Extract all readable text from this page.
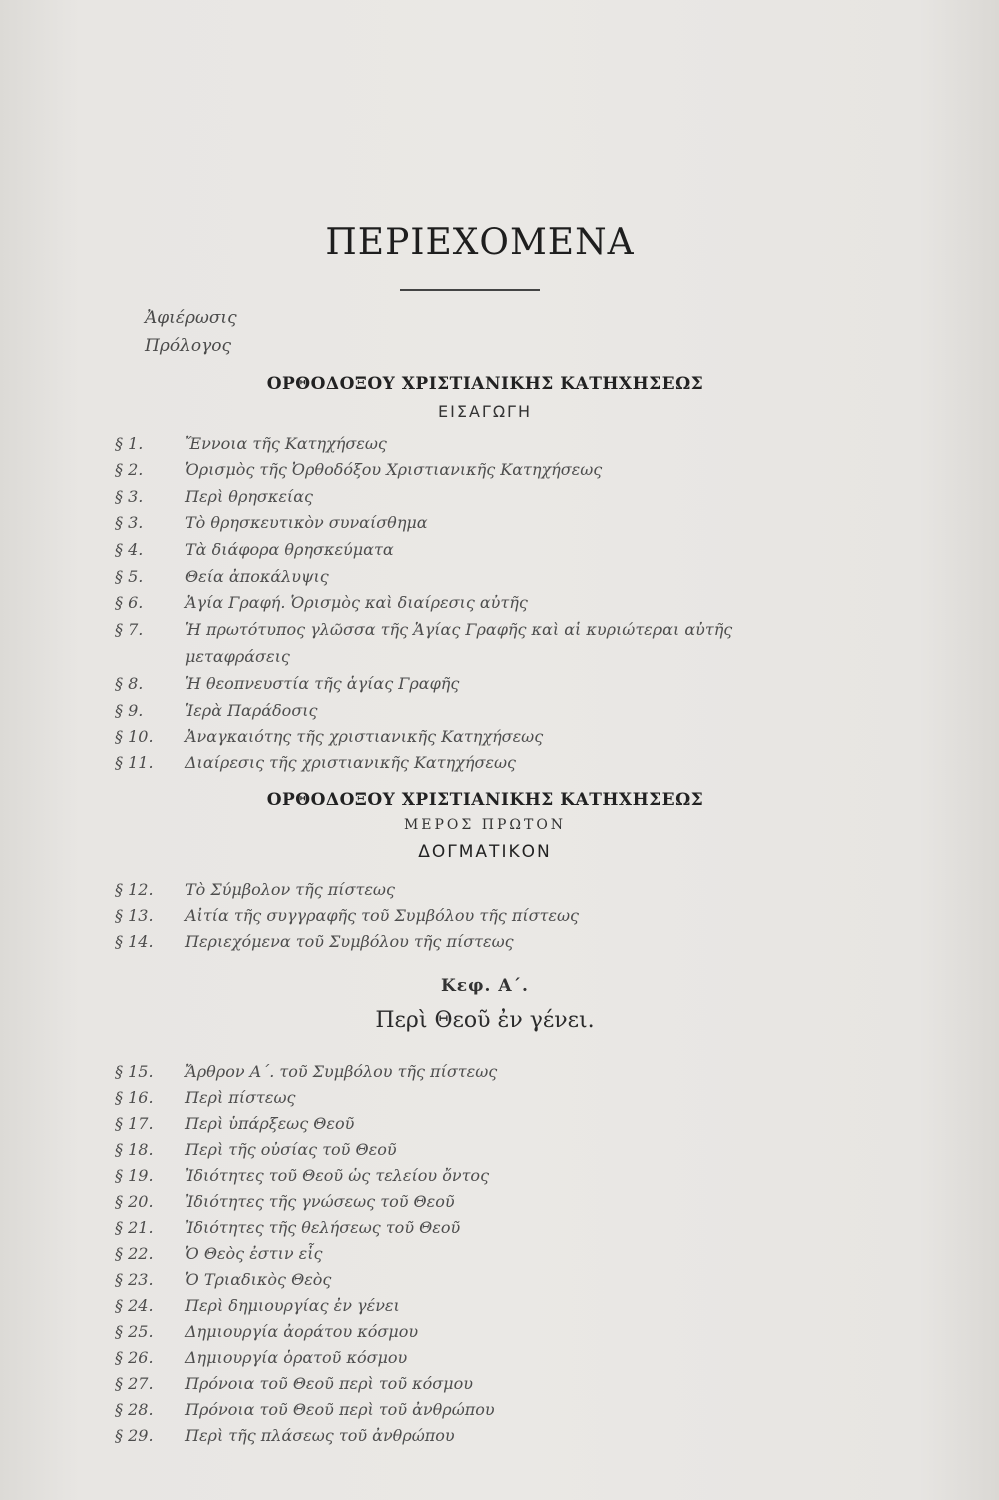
ΠΕΡΙΕΧΟΜΕΝΑ
Ἀφιέρωσις
Πρόλογος
ΟΡΘΟΔΟΞΟΥ ΧΡΙΣΤΙΑΝΙΚΗΣ ΚΑΤΗΧΗΣΕΩΣ
ΕΙΣΑΓΩΓΗ
§ 1.	Ἔννοια τῆς Κατηχήσεως
§ 2.	Ὁρισμὸς τῆς Ὀρθοδόξου Χριστιανικῆς Κατηχήσεως
§ 3.	Περὶ θρησκείας
§ 3.	Τὸ θρησκευτικὸν συναίσθημα
§ 4.	Τὰ διάφορα θρησκεύματα
§ 5.	Θεία ἀποκάλυψις
§ 6.	Ἁγία Γραφή. Ὁρισμὸς καὶ διαίρεσις αὐτῆς
§ 7.	Ἡ πρωτότυπος γλῶσσα τῆς Ἁγίας Γραφῆς καὶ αἱ κυριώτεραι αὐτῆς
μεταφράσεις
§ 8.	Ἡ θεοπνευστία τῆς ἁγίας Γραφῆς
§ 9.	Ἱερὰ Παράδοσις
§ 10. Ἀναγκαιότης τῆς χριστιανικῆς Κατηχήσεως
§ 11. Διαίρεσις τῆς χριστιανικῆς Κατηχήσεως
ΟΡΘΟΔΟΞΟΥ ΧΡΙΣΤΙΑΝΙΚΗΣ ΚΑΤΗΧΗΣΕΩΣ
ΜΕΡΟΣ ΠΡΩΤΟΝ
ΔΟΓΜΑΤΙΚΟΝ
§ 12. Τὸ Σύμβολον τῆς πίστεως
§ 13. Αἰτία τῆς συγγραφῆς τοῦ Συμβόλου τῆς πίστεως
§ 14. Περιεχόμενα τοῦ Συμβόλου τῆς πίστεως
Κεφ. Α΄.
Περὶ Θεοῦ ἐν γένει.
§ 15. Ἄρθρον Α΄. τοῦ Συμβόλου τῆς πίστεως
§ 16. Περὶ πίστεως
§ 17. Περὶ ὑπάρξεως Θεοῦ
§ 18. Περὶ τῆς οὐσίας τοῦ Θεοῦ
§ 19. Ἰδιότητες τοῦ Θεοῦ ὡς τελείου ὄντος
§ 20. Ἰδιότητες τῆς γνώσεως τοῦ Θεοῦ
§ 21. Ἰδιότητες τῆς θελήσεως τοῦ Θεοῦ
§ 22. Ὁ Θεὸς ἐστιν εἷς
§ 23. Ὁ Τριαδικὸς Θεὸς
§ 24. Περὶ δημιουργίας ἐν γένει
§ 25. Δημιουργία ἀοράτου κόσμου
§ 26. Δημιουργία ὁρατοῦ κόσμου
§ 27. Πρόνοια τοῦ Θεοῦ περὶ τοῦ κόσμου
§ 28. Πρόνοια τοῦ Θεοῦ περὶ τοῦ ἀνθρώπου
§ 29. Περὶ τῆς πλάσεως τοῦ ἀνθρώπου
